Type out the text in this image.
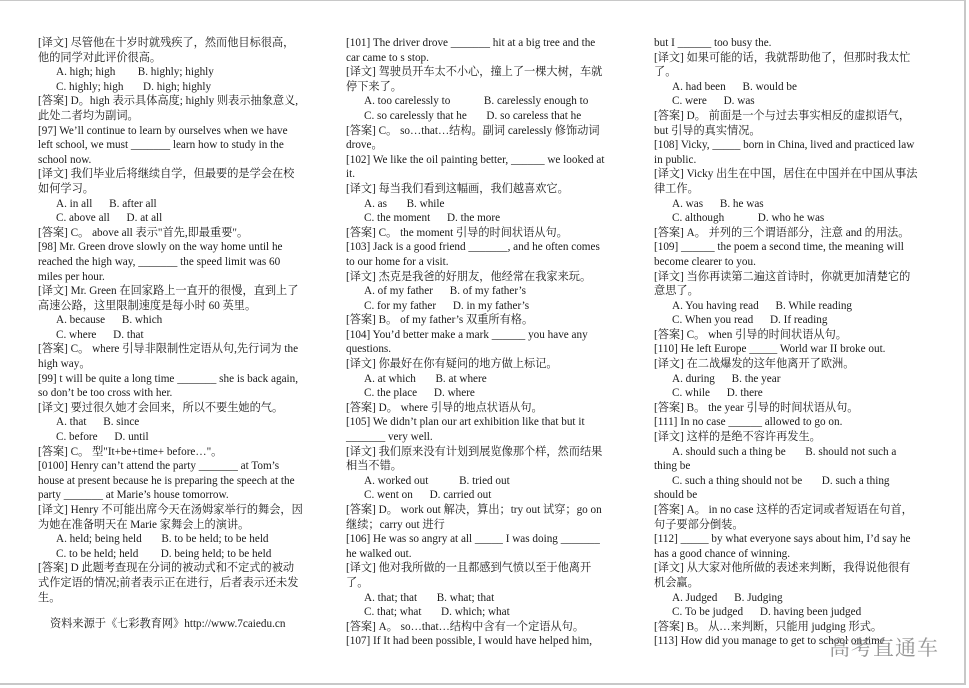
[译文] 尽管他在十岁时就残疾了，然而他目标很高，
他的同学对此评价很高。
A. high; high        B. highly; highly
C. highly; high       D. high; highly
[答案] D。high 表示具体高度; highly 则表示抽象意义,
此处二者均为副词。
[97] We’ll continue to learn by ourselves when we have
left school, we must _______ learn how to study in the
school now.
[译文] 我们毕业后将继续自学，但最要的是学会在校
如何学习。
A. in all      B. after all
C. above all      D. at all
[答案] C。 above all 表示"首先,即最重要"。
[98] Mr. Green drove slowly on the way home until he
reached the high way, _______ the speed limit was 60
miles per hour.
[译文] Mr. Green 在回家路上一直开的很慢，直到上了
高速公路，这里限制速度是每小时 60 英里。
A. because      B. which
C. where      D. that
[答案] C。 where 引导非限制性定语从句,先行词为 the
high way。
[99] t will be quite a long time _______ she is back again,
so don’t be too cross with her.
[译文] 要过很久她才会回来，所以不要生她的气。
A. that      B. since
C. before      D. until
[答案] C。 型"It+be+time+ before…"。
[0100] Henry can’t attend the party _______ at Tom’s
house at present because he is preparing the speech at the
party _______ at Marie’s house tomorrow.
[译文] Henry 不可能出席今天在汤姆家举行的舞会，因
为她在准备明天在 Marie 家舞会上的演讲。
A. held; being held       B. to be held; to be held
C. to be held; held        D. being held; to be held
[答案] D 此题考查现在分词的被动式和不定式的被动
式作定语的情况;前者表示正在进行，后者表示还未发
生。
资料来源于《七彩教育网》http://www.7caiedu.cn
[101] The driver drove _______ hit at a big tree and the
car came to s stop.
[译文] 驾驶员开车太不小心，撞上了一棵大树，车就
停下来了。
A. too carelessly to            B. carelessly enough to
C. so carelessly that he       D. so careless that he
[答案] C。 so…that…结构。副词 carelessly 修饰动词
drove。
[102] We like the oil painting better, ______ we looked at
it.
[译文] 每当我们看到这幅画，我们越喜欢它。
A. as       B. while
C. the moment      D. the more
[答案] C。 the moment 引导的时间状语从句。
[103] Jack is a good friend _______, and he often comes
to our home for a visit.
[译文] 杰克是我爸的好朋友，他经常在我家来玩。
A. of my father      B. of my father’s
C. for my father      D. in my father’s
[答案] B。 of my father’s 双重所有格。
[104] You’d better make a mark ______ you have any
questions.
[译文] 你最好在你有疑问的地方做上标记。
A. at which       B. at where
C. the place      D. where
[答案] D。 where 引导的地点状语从句。
[105] We didn’t plan our art exhibition like that but it
_______ very well.
[译文] 我们原来没有计划到展览像那个样，然而结果
相当不错。
A. worked out           B. tried out
C. went on      D. carried out
[答案] D。 work out 解决，算出；try out 试穿；go on
继续；carry out 进行
[106] He was so angry at all _____ I was doing _______
he walked out.
[译文] 他对我所做的一且都感到气愤以至于他离开
了。
A. that; that       B. what; that
C. that; what       D. which; what
[答案] A。 so…that…结构中含有一个定语从句。
[107] If It had been possible, I would have helped him,
but I ______ too busy the.
[译文] 如果可能的话，我就帮助他了，但那时我太忙
了。
A. had been      B. would be
C. were      D. was
[答案] D。 前面是一个与过去事实相反的虚拟语气，
but 引导的真实情况。
[108] Vicky, _____ born in China, lived and practiced law
in public.
[译文] Vicky 出生在中国，居住在中国并在中国从事法
律工作。
A. was      B. he was
C. although            D. who he was
[答案] A。 并列的三个谓语部分，注意 and 的用法。
[109] ______ the poem a second time, the meaning will
become clearer to you.
[译文] 当你再读第二遍这首诗时，你就更加清楚它的
意思了。
A. You having read      B. While reading
C. When you read      D. If reading
[答案] C。 when 引导的时间状语从句。
[110] He left Europe _____ World war II broke out.
[译文] 在二战爆发的这年他离开了欧洲。
A. during      B. the year
C. while      D. there
[答案] B。 the year 引导的时间状语从句。
[111] In no case ______ allowed to go on.
[译文] 这样的是绝不容许再发生。
A. should such a thing be       B. should not such a
thing be
C. such a thing should not be       D. such a thing
should be
[答案] A。 in no case 这样的否定词或者短语在句首，
句子要部分倒装。
[112] _____ by what everyone says about him, I’d say he
has a good chance of winning.
[译文] 从大家对他所做的表述来判断，我得说他很有
机会赢。
A. Judged      B. Judging
C. To be judged      D. having been judged
[答案] B。 从…来判断，只能用 judging 形式。
[113] How did you manage to get to school on time
高考直通车
